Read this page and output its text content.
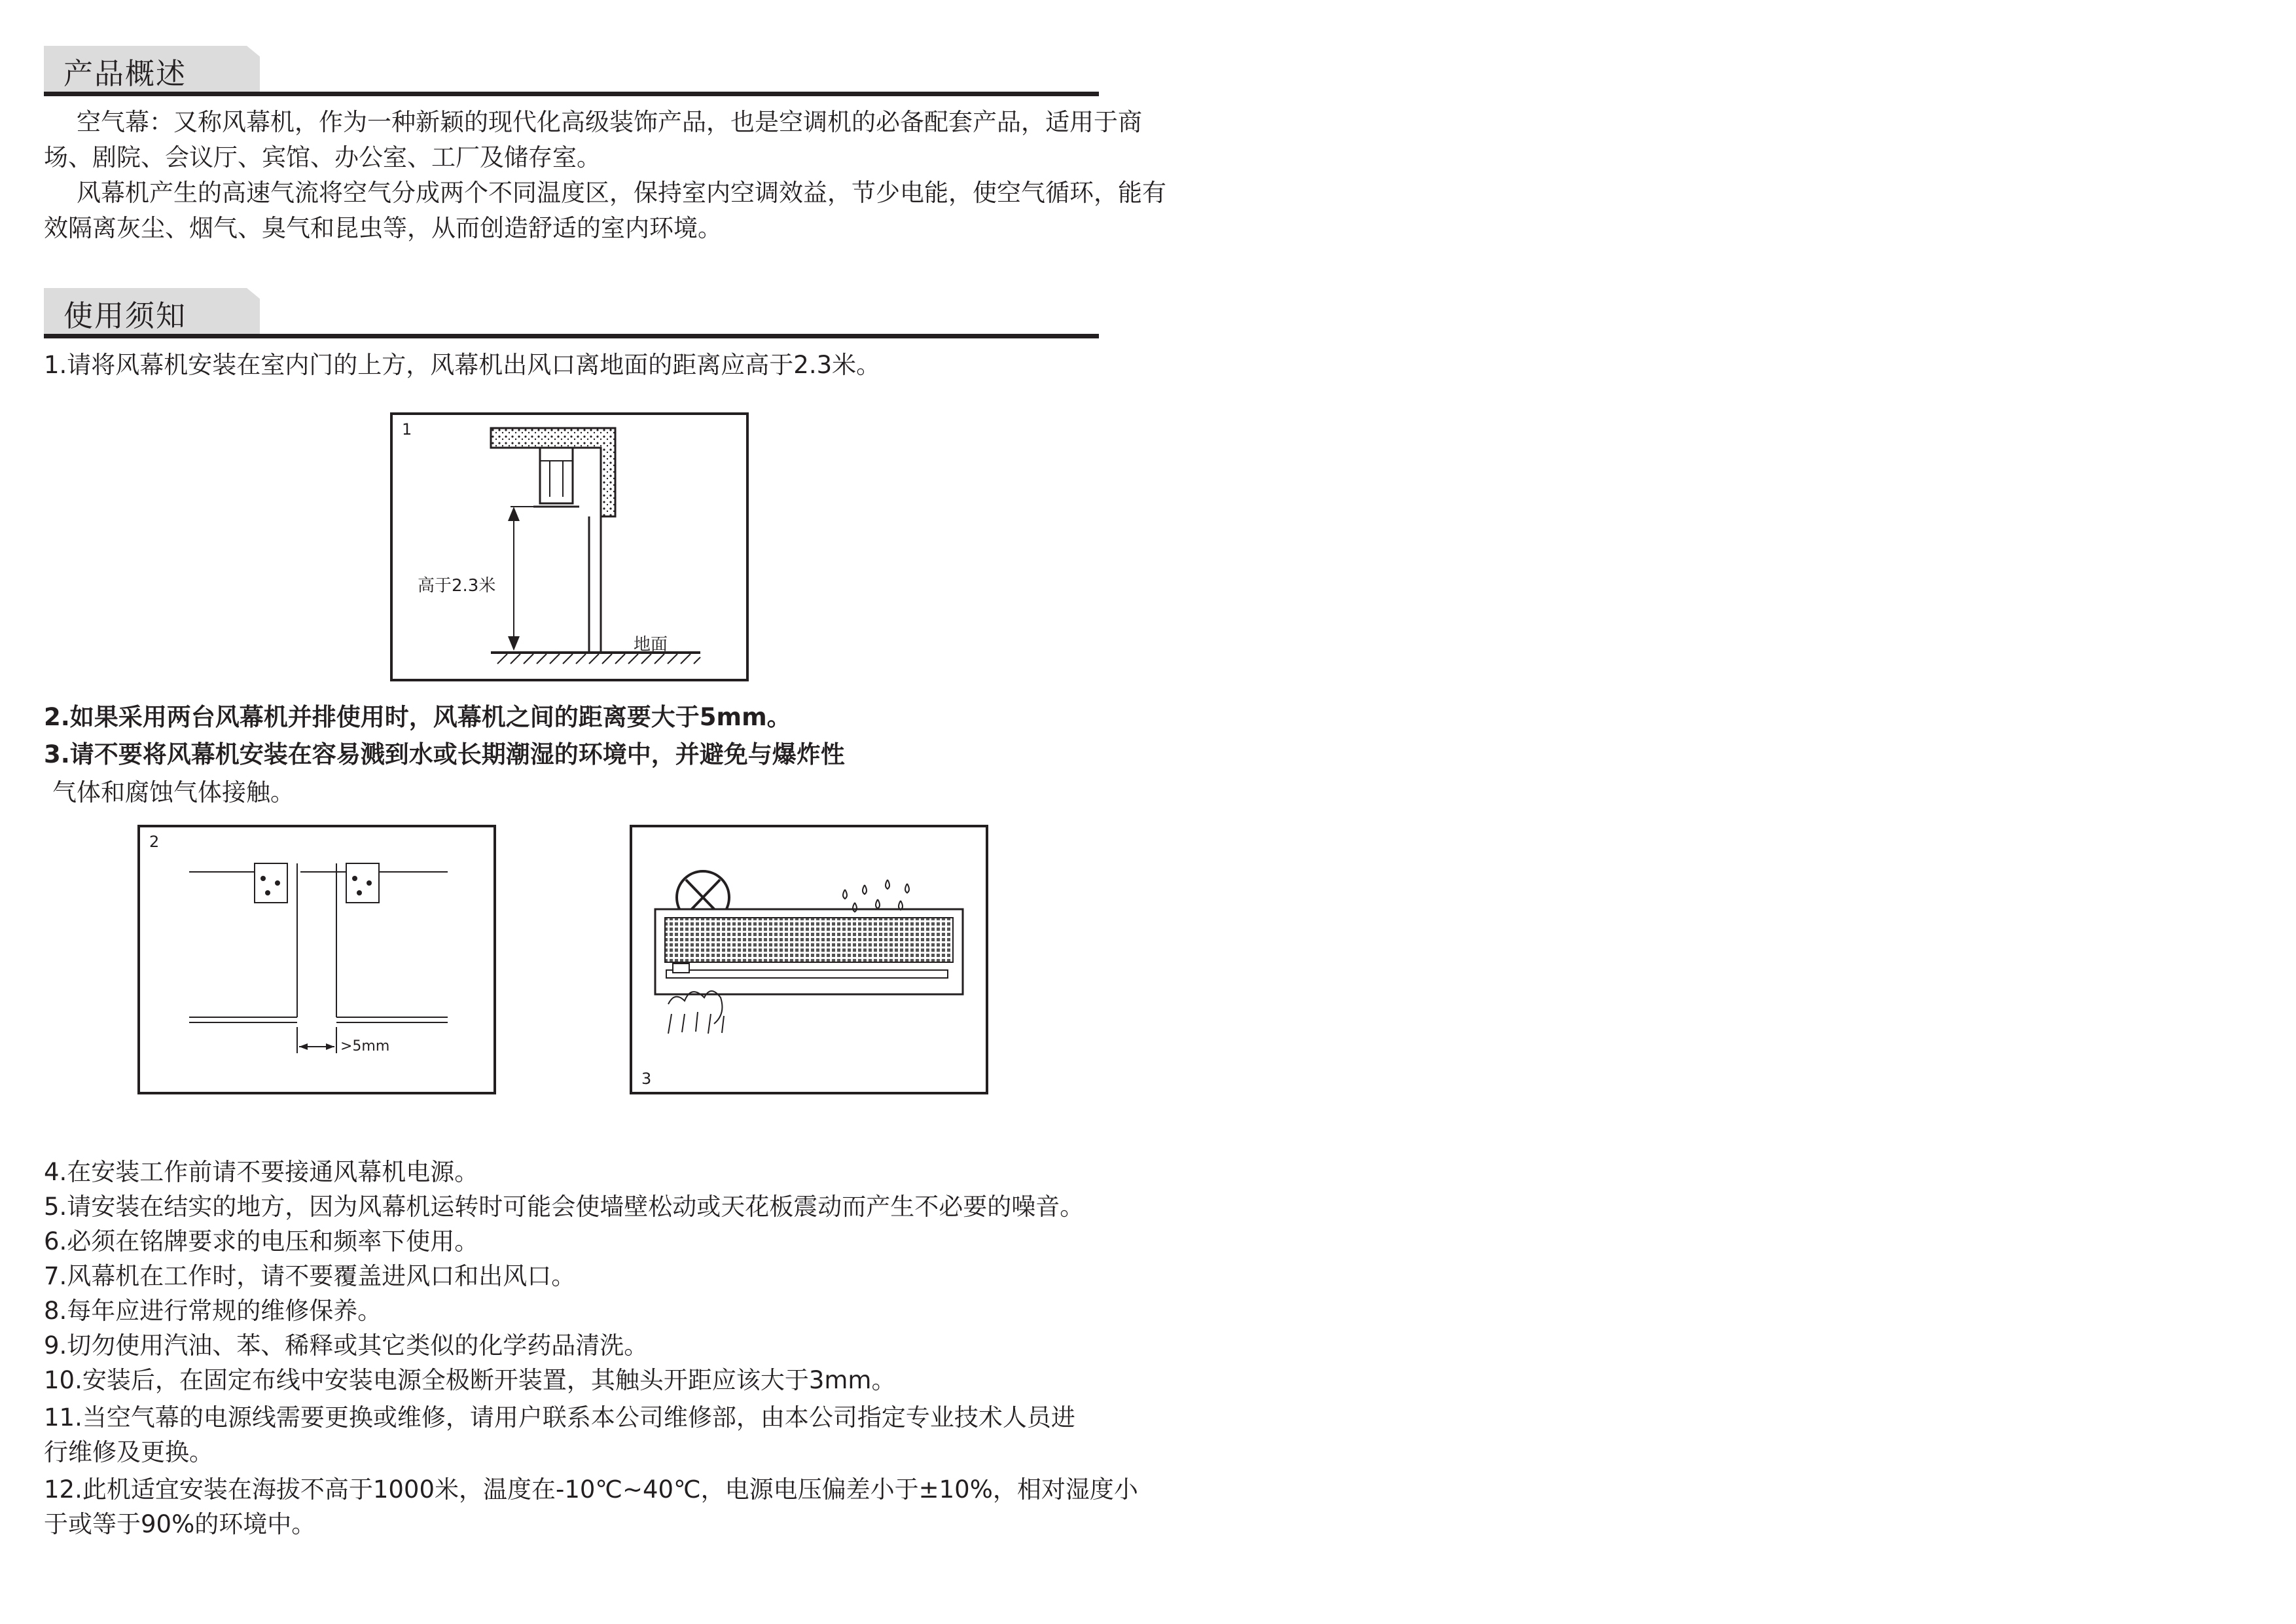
产品概述

空气幕：又称风幕机，作为一种新颖的现代化高级装饰产品，也是空调机的必备配套产品，适用于商场、剧院、会议厅、宾馆、办公室、工厂及储存室。

风幕机产生的高速气流将空气分成两个不同温度区，保持室内空调效益，节少电能，使空气循环，能有效隔离灰尘、烟气、臭气和昆虫等，从而创造舒适的室内环境。

使用须知
1.请将风幕机安装在室内门的上方，风幕机出风口离地面的距离应高于2.3米。
1
高于2.3米
地面
2.如果采用两台风幕机并排使用时，风幕机之间的距离要大于5mm。
3.请不要将风幕机安装在容易溅到水或长期潮湿的环境中，并避免与爆炸性
气体和腐蚀气体接触。
2
>5mm
3
4.在安装工作前请不要接通风幕机电源。
5.请安装在结实的地方，因为风幕机运转时可能会使墙壁松动或天花板震动而产生不必要的噪音。
6.必须在铭牌要求的电压和频率下使用。
7.风幕机在工作时，请不要覆盖进风口和出风口。
8.每年应进行常规的维修保养。
9.切勿使用汽油、苯、稀释或其它类似的化学药品清洗。
10.安装后，在固定布线中安装电源全极断开装置，其触头开距应该大于3mm。
11.当空气幕的电源线需要更换或维修，请用户联系本公司维修部，由本公司指定专业技术人员进
行维修及更换。
12.此机适宜安装在海拔不高于1000米，温度在-10℃~40℃，电源电压偏差小于±10%，相对湿度小
于或等于90%的环境中。
